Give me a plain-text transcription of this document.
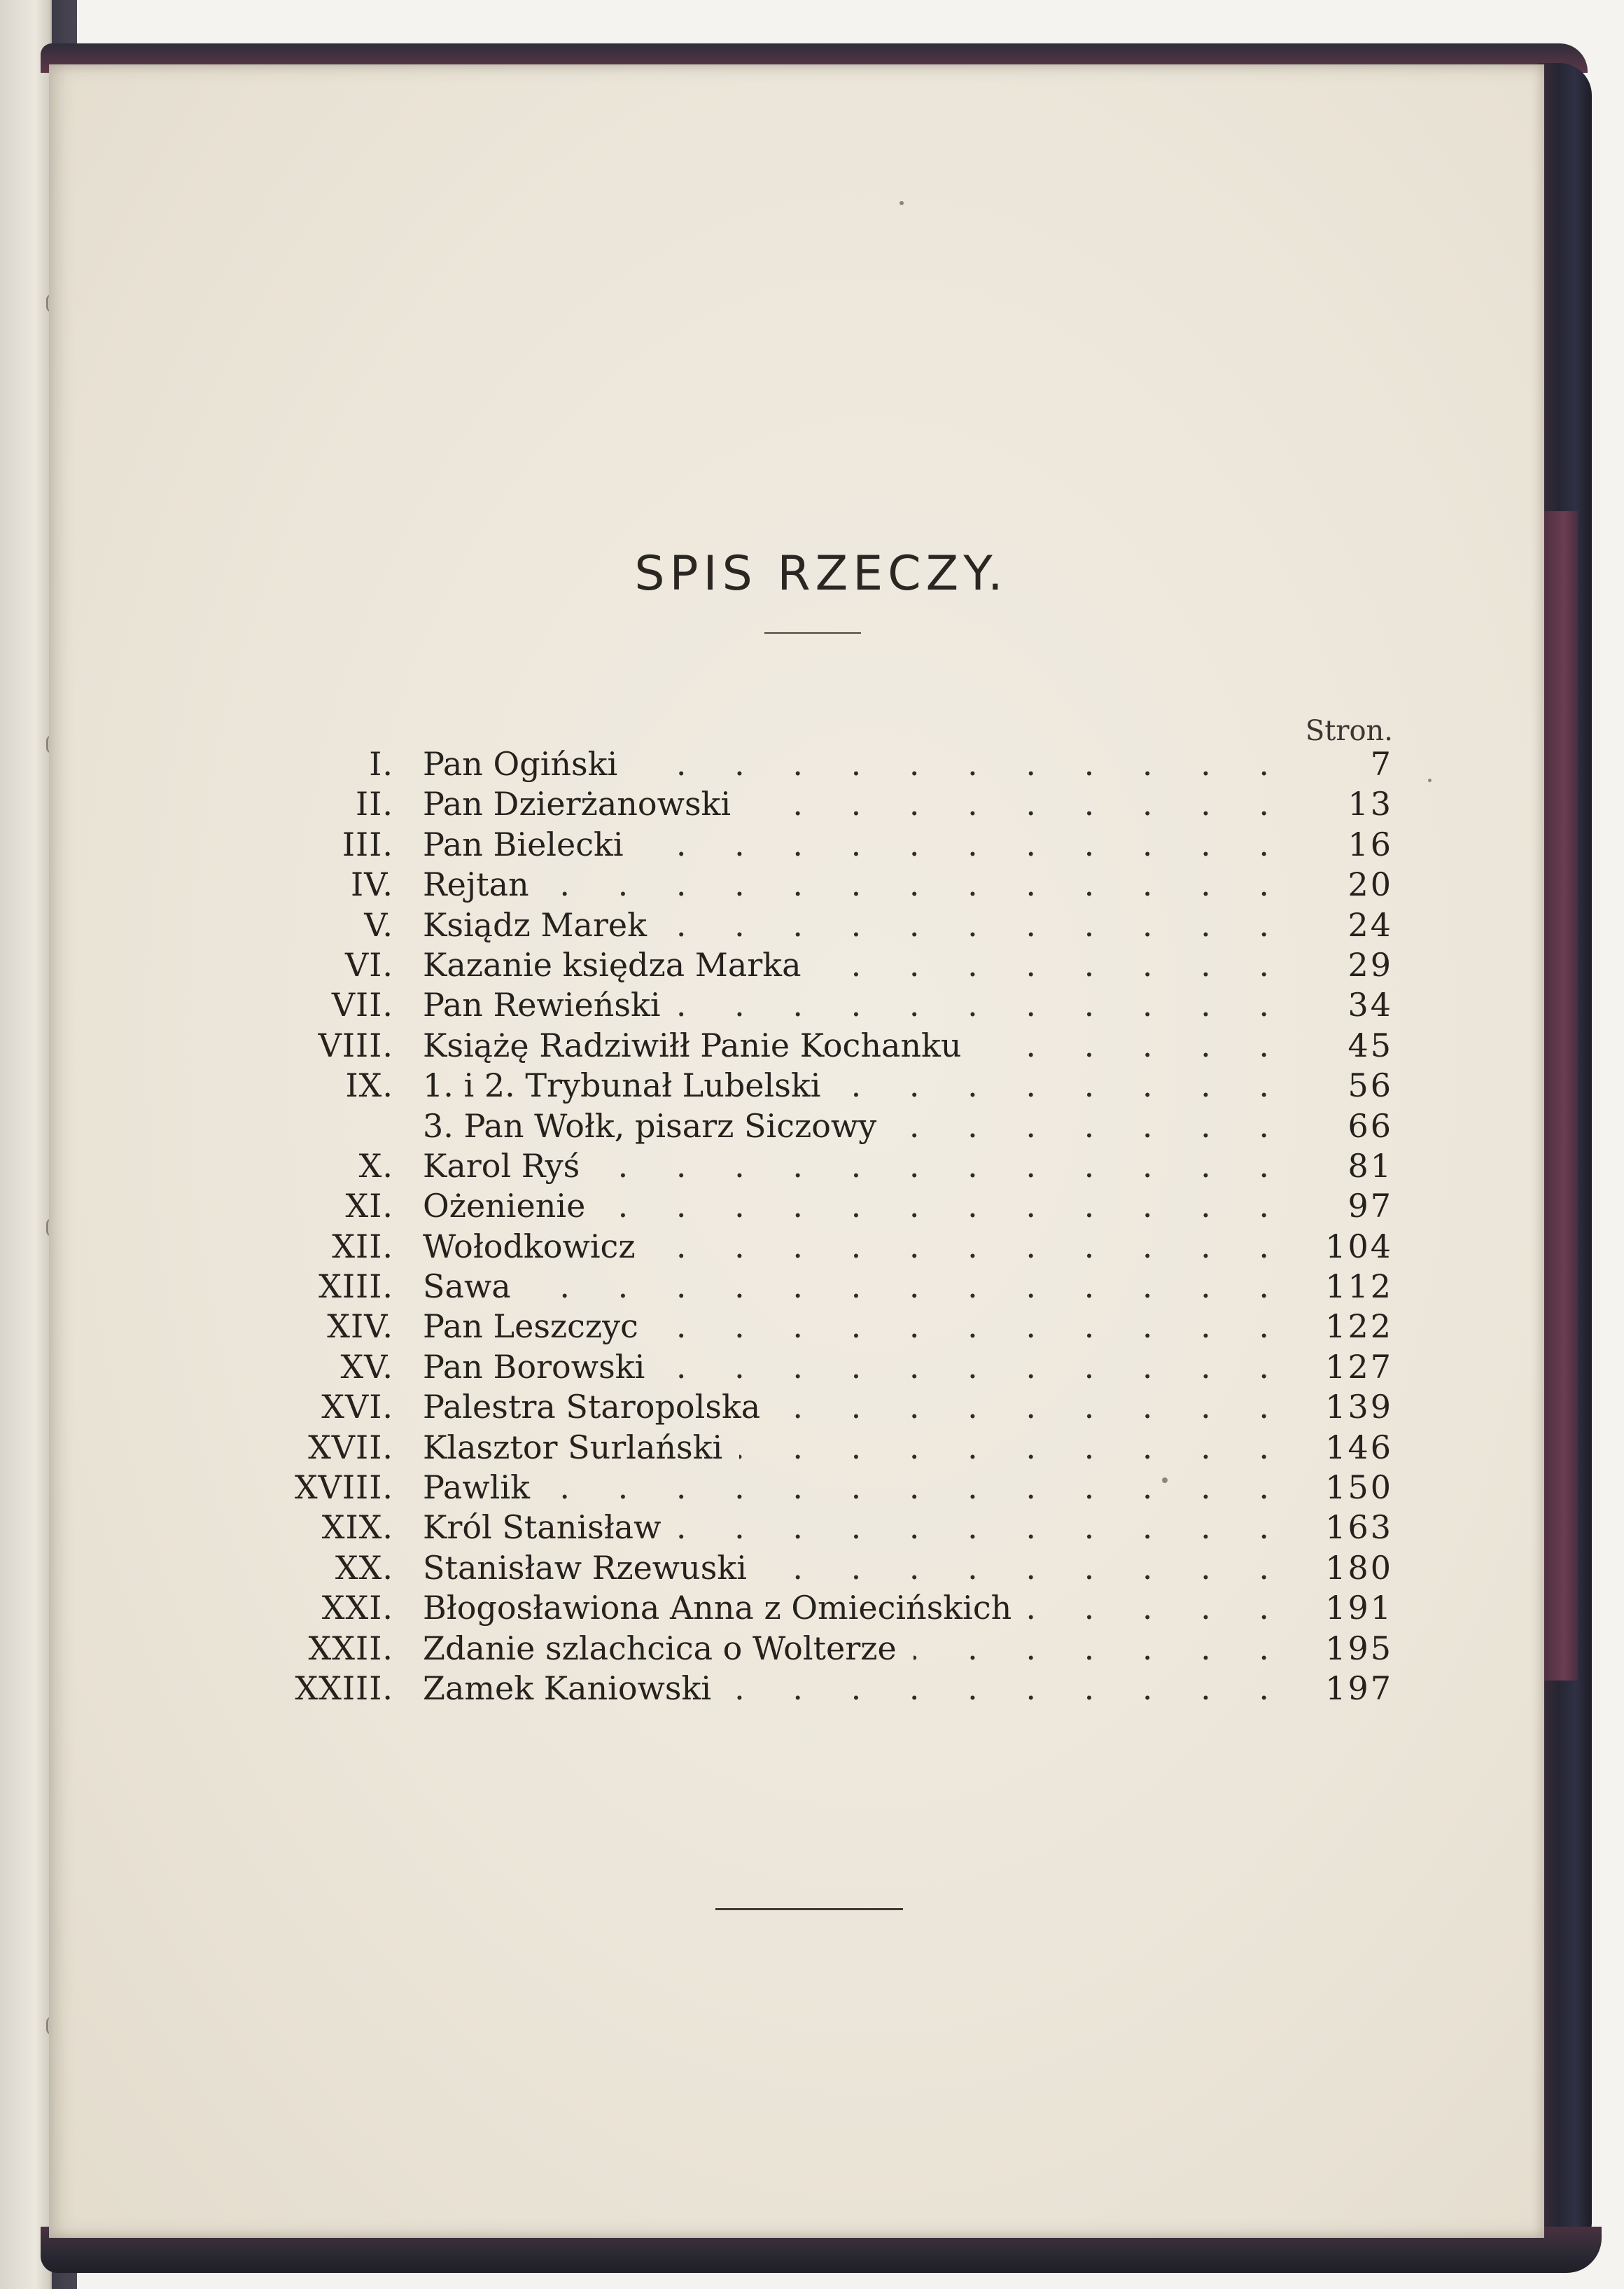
SPIS RZECZY.
Stron.
I. . . . Pan Ogiński	7
II. . . . Pan Dzierżanowski	13
III. . . . Pan Bielecki	16
IV. . . . Rejtan	20
V. . . . Ksiądz Marek	24
VI. . . . Kazanie księdza Marka	29
VII. . . . Pan Rewieński	34
VIII. . . . Książę Radziwiłł Panie Kochanku	45
IX. . . . 1. i 2. Trybunał Lubelski	56
. . .
3. Pan Wołk, pisarz Siczowy	66
X. . . . Karol Ryś	81
XI. . . . Ożenienie	97
XII. . . . Wołodkowicz	104
XIII. . . . Sawa	112
XIV. . . . Pan Leszczyc	122
XV. . . . Pan Borowski	127
XVI. . . . Palestra Staropolska	139
XVII. . . . Klasztor Surlański	146
XVIII. . . . Pawlik	150
XIX. . . . Król Stanisław	163
XX. . . . Stanisław Rzewuski	180
XXI. . . . Błogosławiona Anna z Omiecińskich	191
XXII. . . . Zdanie szlachcica o Wolterze	195
XXIII. . . . Zamek Kaniowski	197
